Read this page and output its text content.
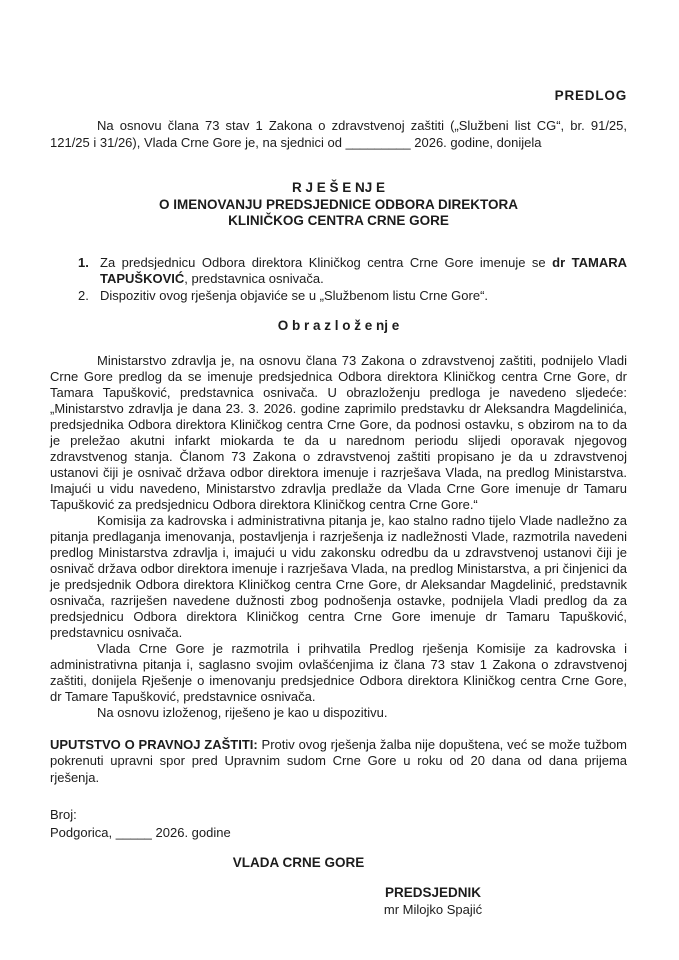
PREDLOG

Na osnovu člana 73 stav 1 Zakona o zdravstvenoj zaštiti („Službeni list CG“, br. 91/25, 121/25 i 31/26), Vlada Crne Gore je, na sjednici od _________ 2026. godine, donijela

R J E Š E NJ E
O IMENOVANJU PREDSJEDNICE ODBORA DIREKTORA
KLINIČKOG CENTRA CRNE GORE
1. Za predsjednicu Odbora direktora Kliničkog centra Crne Gore imenuje se dr TAMARA TAPUŠKOVIĆ, predstavnica osnivača.
2. Dispozitiv ovog rješenja objaviće se u „Službenom listu Crne Gore“.
O b r a z l o ž e nj e

Ministarstvo zdravlja je, na osnovu člana 73 Zakona o zdravstvenoj zaštiti, podnijelo Vladi Crne Gore predlog da se imenuje predsjednica Odbora direktora Kliničkog centra Crne Gore, dr Tamara Tapušković, predstavnica osnivača. U obrazloženju predloga je navedeno sljedeće: „Ministarstvo zdravlja je dana 23. 3. 2026. godine zaprimilo predstavku dr Aleksandra Magdelinića, predsjednika Odbora direktora Kliničkog centra Crne Gore, da podnosi ostavku, s obzirom na to da je preležao akutni infarkt miokarda te da u narednom periodu slijedi oporavak njegovog zdravstvenog stanja. Članom 73 Zakona o zdravstvenoj zaštiti propisano je da u zdravstvenoj ustanovi čiji je osnivač država odbor direktora imenuje i razrješava Vlada, na predlog Ministarstva. Imajući u vidu navedeno, Ministarstvo zdravlja predlaže da Vlada Crne Gore imenuje dr Tamaru Tapušković za predsjednicu Odbora direktora Kliničkog centra Crne Gore.“

Komisija za kadrovska i administrativna pitanja je, kao stalno radno tijelo Vlade nadležno za pitanja predlaganja imenovanja, postavljenja i razrješenja iz nadležnosti Vlade, razmotrila navedeni predlog Ministarstva zdravlja i, imajući u vidu zakonsku odredbu da u zdravstvenoj ustanovi čiji je osnivač država odbor direktora imenuje i razrješava Vlada, na predlog Ministarstva, a pri činjenici da je predsjednik Odbora direktora Kliničkog centra Crne Gore, dr Aleksandar Magdelinić, predstavnik osnivača, razriješen navedene dužnosti zbog podnošenja ostavke, podnijela Vladi predlog da za predsjednicu Odbora direktora Kliničkog centra Crne Gore imenuje dr Tamaru Tapušković, predstavnicu osnivača.

Vlada Crne Gore je razmotrila i prihvatila Predlog rješenja Komisije za kadrovska i administrativna pitanja i, saglasno svojim ovlašćenjima iz člana 73 stav 1 Zakona o zdravstvenoj zaštiti, donijela Rješenje o imenovanju predsjednice Odbora direktora Kliničkog centra Crne Gore, dr Tamare Tapušković, predstavnice osnivača.

Na osnovu izloženog, riješeno je kao u dispozitivu.

UPUTSTVO O PRAVNOJ ZAŠTITI: Protiv ovog rješenja žalba nije dopuštena, već se može tužbom pokrenuti upravni spor pred Upravnim sudom Crne Gore u roku od 20 dana od dana prijema rješenja.

Broj:
Podgorica, _____ 2026. godine
VLADA CRNE GORE
PREDSJEDNIK
mr Milojko Spajić
